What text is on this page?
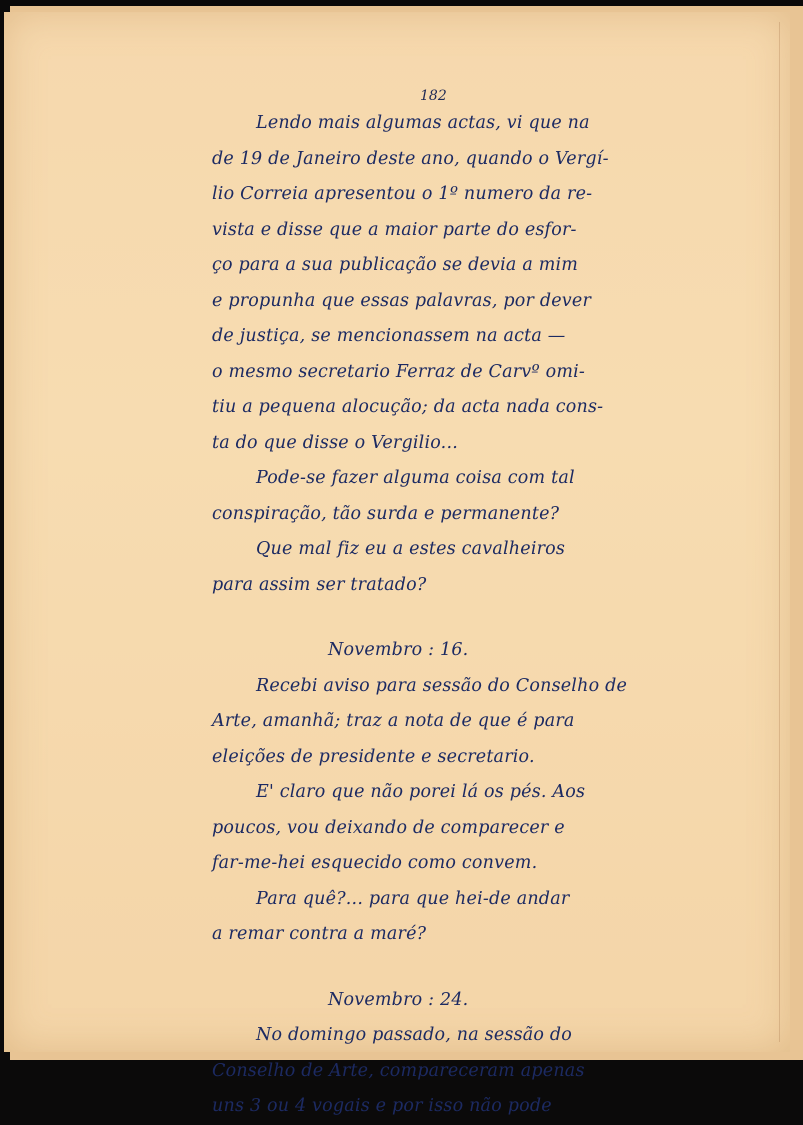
182
Lendo mais algumas actas, vi que na
de 19 de Janeiro deste ano, quando o Vergí-
lio Correia apresentou o 1º numero da re-
vista e disse que a maior parte do esfor-
ço para a sua publicação se devia a mim
e propunha que essas palavras, por dever
de justiça, se mencionassem na acta —
o mesmo secretario Ferraz de Carvº omi-
tiu a pequena alocução; da acta nada cons-
ta do que disse o Vergilio...
Pode-se fazer alguma coisa com tal
conspiração, tão surda e permanente?
Que mal fiz eu a estes cavalheiros
para assim ser tratado?
Novembro : 16.
Recebi aviso para sessão do Conselho de
Arte, amanhã; traz a nota de que é para
eleições de presidente e secretario.
E' claro que não porei lá os pés. Aos
poucos, vou deixando de comparecer e
far-me-hei esquecido como convem.
Para quê?... para que hei-de andar
a remar contra a maré?
Novembro : 24.
No domingo passado, na sessão do
Conselho de Arte, compareceram apenas
uns 3 ou 4 vogais e por isso não pode
